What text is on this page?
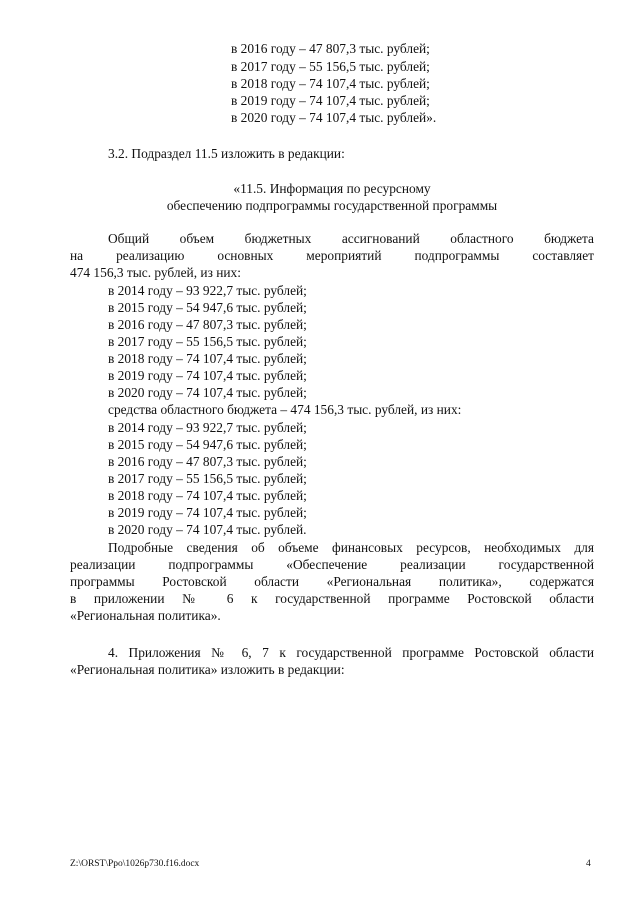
в 2016 году – 47 807,3 тыс. рублей;
в 2017 году – 55 156,5 тыс. рублей;
в 2018 году – 74 107,4 тыс. рублей;
в 2019 году – 74 107,4 тыс. рублей;
в 2020 году – 74 107,4 тыс. рублей».
3.2. Подраздел 11.5 изложить в редакции:
«11.5. Информация по ресурсному
обеспечению подпрограммы государственной программы
Общий объем бюджетных ассигнований областного бюджета
на реализацию основных мероприятий подпрограммы составляет
474 156,3 тыс. рублей, из них:
в 2014 году – 93 922,7 тыс. рублей;
в 2015 году – 54 947,6 тыс. рублей;
в 2016 году – 47 807,3 тыс. рублей;
в 2017 году – 55 156,5 тыс. рублей;
в 2018 году – 74 107,4 тыс. рублей;
в 2019 году – 74 107,4 тыс. рублей;
в 2020 году – 74 107,4 тыс. рублей;
средства областного бюджета – 474 156,3 тыс. рублей, из них:
в 2014 году – 93 922,7 тыс. рублей;
в 2015 году – 54 947,6 тыс. рублей;
в 2016 году – 47 807,3 тыс. рублей;
в 2017 году – 55 156,5 тыс. рублей;
в 2018 году – 74 107,4 тыс. рублей;
в 2019 году – 74 107,4 тыс. рублей;
в 2020 году – 74 107,4 тыс. рублей.
Подробные сведения об объеме финансовых ресурсов, необходимых для
реализации подпрограммы «Обеспечение реализации государственной
программы Ростовской области «Региональная политика», содержатся
в приложении № 6 к государственной программе Ростовской области
«Региональная политика».
4. Приложения № 6, 7 к государственной программе Ростовской области
«Региональная политика» изложить в редакции:
Z:\ORST\Ppo\1026p730.f16.docx	4
